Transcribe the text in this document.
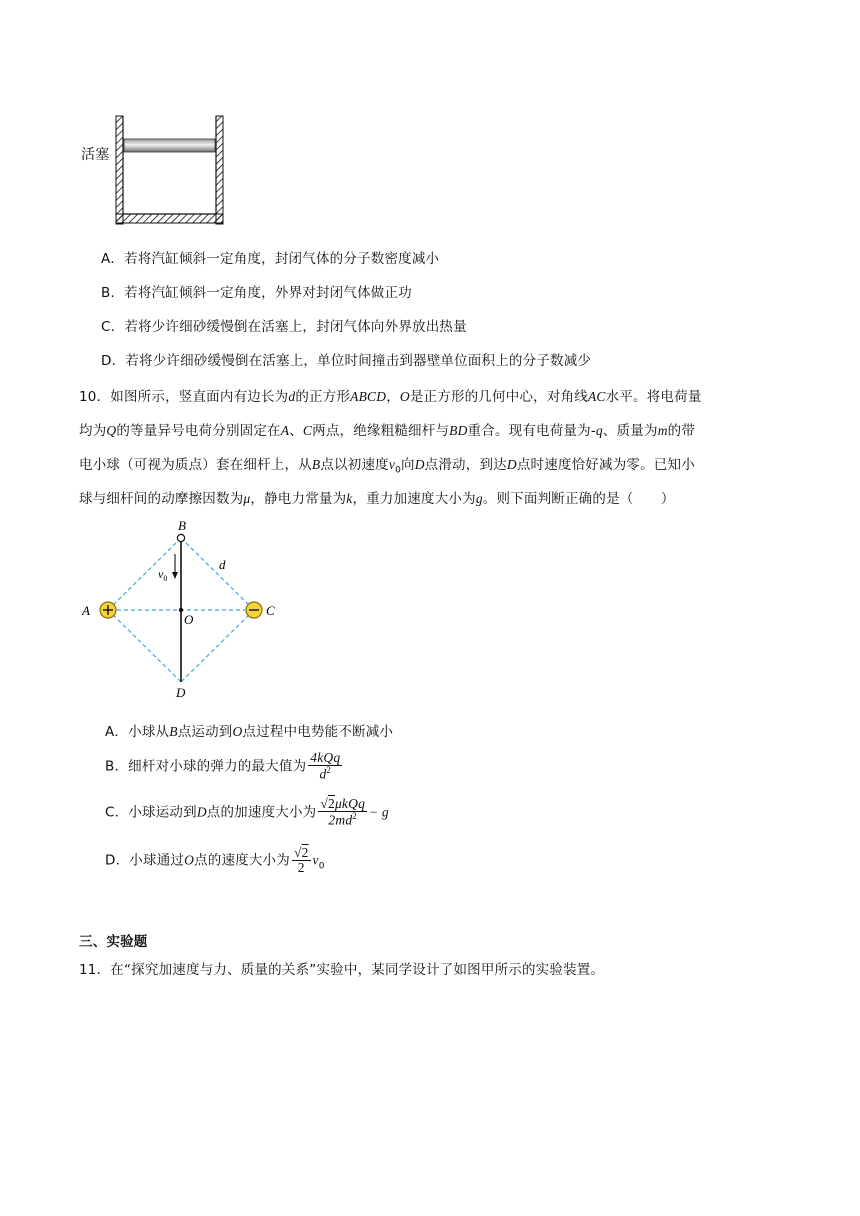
活塞
A．若将汽缸倾斜一定角度，封闭气体的分子数密度减小
B．若将汽缸倾斜一定角度，外界对封闭气体做正功
C．若将少许细砂缓慢倒在活塞上，封闭气体向外界放出热量
D．若将少许细砂缓慢倒在活塞上，单位时间撞击到器壁单位面积上的分子数减少
10．如图所示，竖直面内有边长为d的正方形ABCD，O是正方形的几何中心，对角线AC水平。将电荷量
均为Q的等量异号电荷分别固定在A、C两点，绝缘粗糙细杆与BD重合。现有电荷量为-q、质量为m的带
电小球（可视为质点）套在细杆上，从B点以初速度$v_0$向D点滑动，到达D点时速度恰好减为零。已知小
球与细杆间的动摩擦因数为μ，静电力常量为k，重力加速度大小为g。则下面判断正确的是（　　）
B
A	C
D
O
d
$v_0$
A．小球从B点运动到O点过程中电势能不断减小
B．细杆对小球的弹力的最大值为 $\frac{\text{4kQq}}{d^2}$
C．小球运动到D点的加速度大小为 $\frac{\text{√2μkQq}}{2md^2} - g$
D．小球通过O点的速度大小为 $\frac{√2}{2} v_0$
三、实验题
11．在“探究加速度与力、质量的关系”实验中，某同学设计了如图甲所示的实验装置。
